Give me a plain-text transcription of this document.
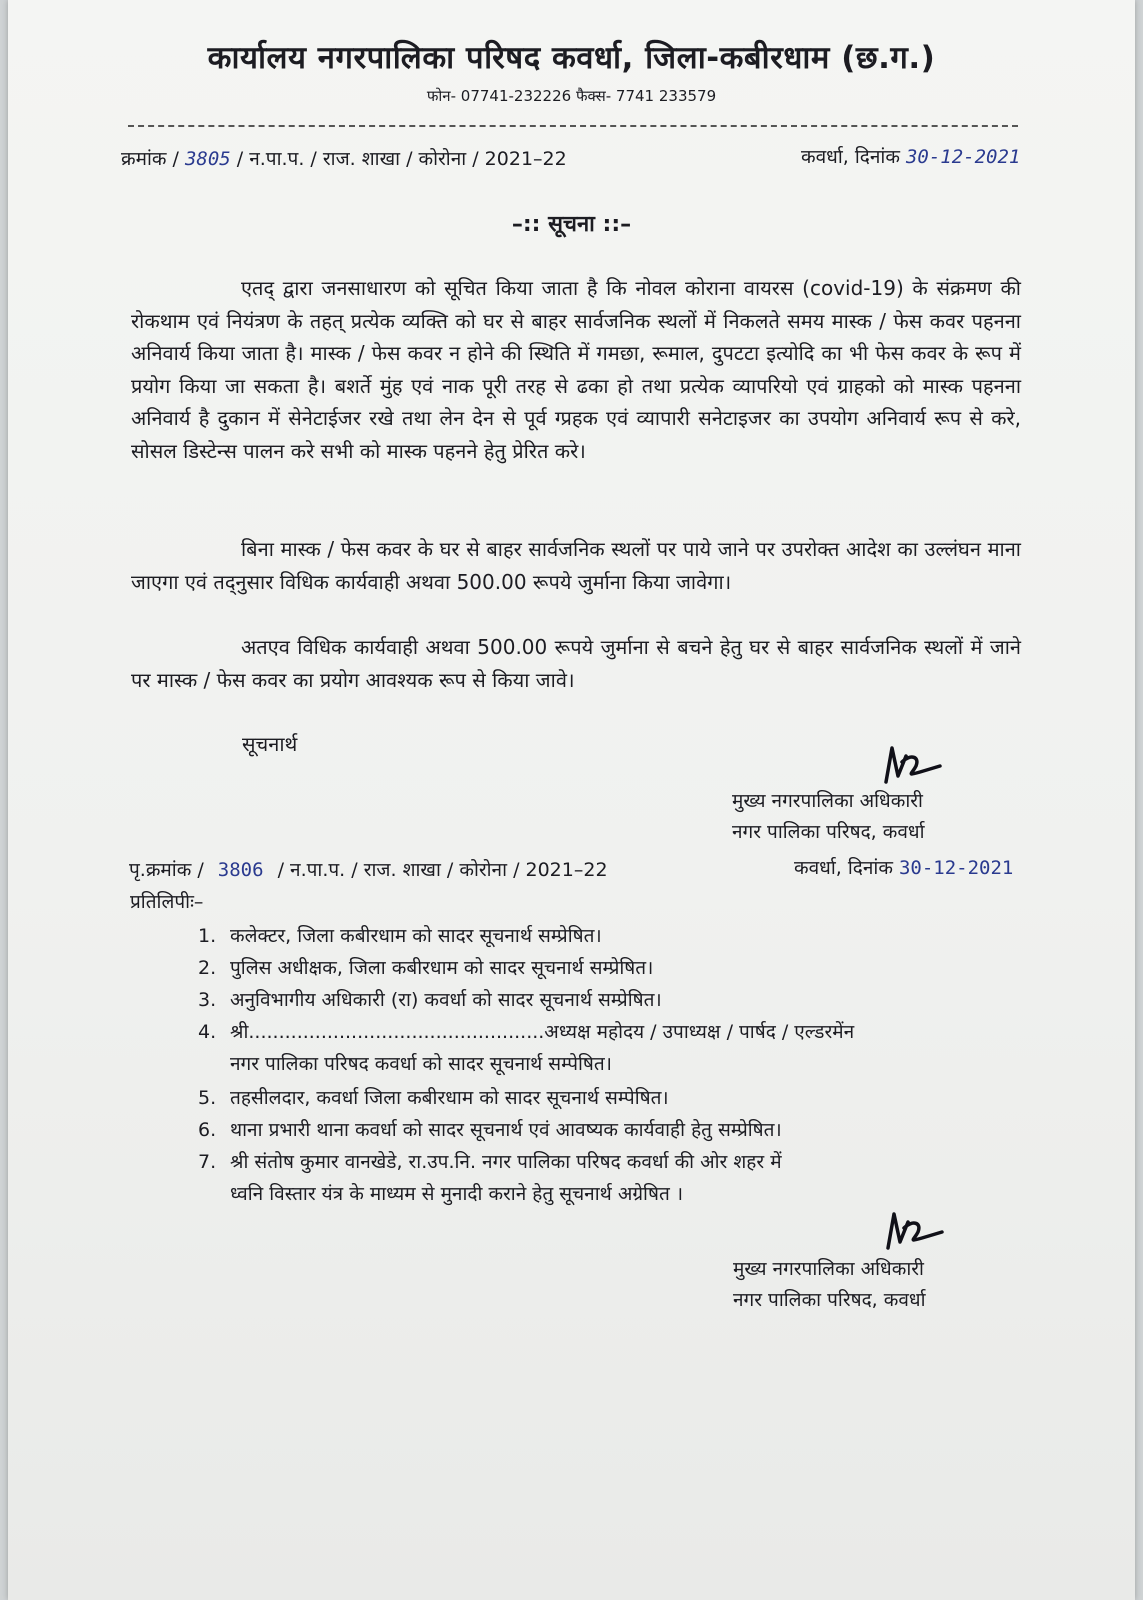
कार्यालय नगरपालिका परिषद कवर्धा, जिला-कबीरधाम (छ.ग.)
फोन- 07741-232226 फैक्स- 7741 233579
क्रमांक / 3805 / न.पा.प. / राज. शाखा / कोरोना / 2021–22	कवर्धा, दिनांक 30-12-2021
–:: सूचना ::–
एतद् द्वारा जनसाधारण को सूचित किया जाता है कि नोवल कोराना वायरस (covid-19) के संक्रमण की रोकथाम एवं नियंत्रण के तहत् प्रत्येक व्यक्ति को घर से बाहर सार्वजनिक स्थलों में निकलते समय मास्क / फेस कवर पहनना अनिवार्य किया जाता है। मास्क / फेस कवर न होने की स्थिति में गमछा, रूमाल, दुपटटा इत्योदि का भी फेस कवर के रूप में प्रयोग किया जा सकता है। बशर्ते मुंह एवं नाक पूरी तरह से ढका हो तथा प्रत्येक व्यापरियो एवं ग्राहको को मास्क पहनना अनिवार्य है दुकान में सेनेटाईजर रखे तथा लेन देन से पूर्व ग्प्रहक एवं व्यापारी सनेटाइजर का उपयोग अनिवार्य रूप से करे, सोसल डिस्टेन्स पालन करे सभी को मास्क पहनने हेतु प्रेरित करे।
बिना मास्क / फेस कवर के घर से बाहर सार्वजनिक स्थलों पर पाये जाने पर उपरोक्त आदेश का उल्लंघन माना जाएगा एवं तद्नुसार विधिक कार्यवाही अथवा 500.00 रूपये जुर्माना किया जावेगा।
अतएव विधिक कार्यवाही अथवा 500.00 रूपये जुर्माना से बचने हेतु घर से बाहर सार्वजनिक स्थलों में जाने पर मास्क / फेस कवर का प्रयोग आवश्यक रूप से किया जावे।
सूचनार्थ
मुख्य नगरपालिका अधिकारी
नगर पालिका परिषद, कवर्धा
पृ.क्रमांक / 3806 / न.पा.प. / राज. शाखा / कोरोना / 2021–22	कवर्धा, दिनांक 30-12-2021
प्रतिलिपीः–
1. कलेक्टर, जिला कबीरधाम को सादर सूचनार्थ सम्प्रेषित।
2. पुलिस अधीक्षक, जिला कबीरधाम को सादर सूचनार्थ सम्प्रेषित।
3. अनुविभागीय अधिकारी (रा) कवर्धा को सादर सूचनार्थ सम्प्रेषित।
4. श्री.................................................अध्यक्ष महोदय / उपाध्यक्ष / पार्षद / एल्डरमेंन
नगर पालिका परिषद कवर्धा को सादर सूचनार्थ सम्पेषित।
5. तहसीलदार, कवर्धा जिला कबीरधाम को सादर सूचनार्थ सम्पेषित।
6. थाना प्रभारी थाना कवर्धा को सादर सूचनार्थ एवं आवष्यक कार्यवाही हेतु सम्प्रेषित।
7. श्री संतोष कुमार वानखेडे, रा.उप.नि. नगर पालिका परिषद कवर्धा की ओर शहर में
ध्वनि विस्तार यंत्र के माध्यम से मुनादी कराने हेतु सूचनार्थ अग्रेषित ।
मुख्य नगरपालिका अधिकारी
नगर पालिका परिषद, कवर्धा
